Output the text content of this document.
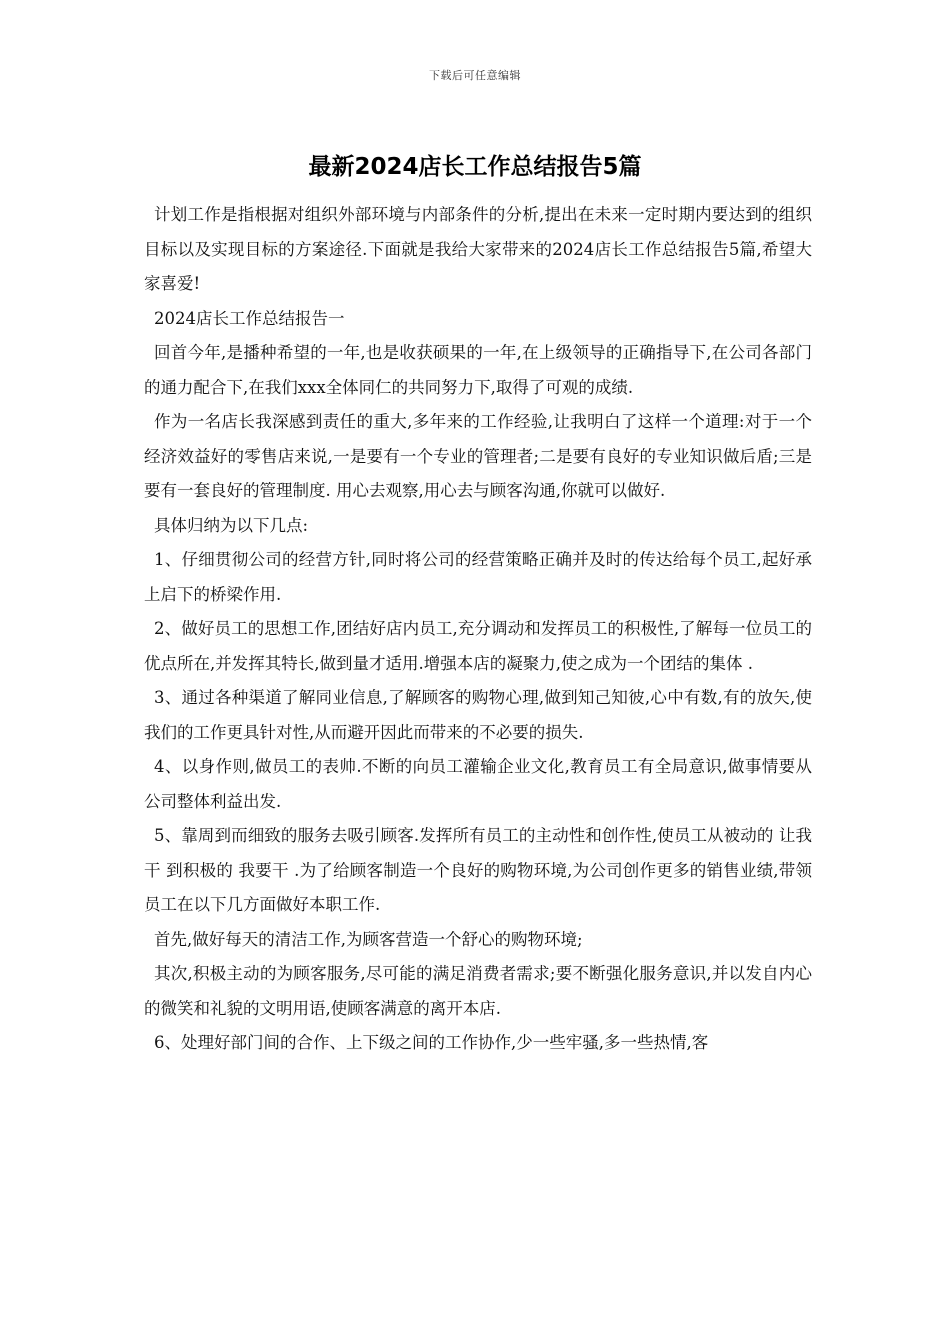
下载后可任意编辑
最新2024店长工作总结报告5篇

计划工作是指根据对组织外部环境与内部条件的分析,提出在未来一定时期内要达到的组织目标以及实现目标的方案途径.下面就是我给大家带来的2024店长工作总结报告5篇,希望大家喜爱!

2024店长工作总结报告一

回首今年,是播种希望的一年,也是收获硕果的一年,在上级领导的正确指导下,在公司各部门的通力配合下,在我们xxx全体同仁的共同努力下,取得了可观的成绩.

作为一名店长我深感到责任的重大,多年来的工作经验,让我明白了这样一个道理:对于一个经济效益好的零售店来说,一是要有一个专业的管理者;二是要有良好的专业知识做后盾;三是要有一套良好的管理制度. 用心去观察,用心去与顾客沟通,你就可以做好.

具体归纳为以下几点:

1、仔细贯彻公司的经营方针,同时将公司的经营策略正确并及时的传达给每个员工,起好承上启下的桥梁作用.

2、做好员工的思想工作,团结好店内员工,充分调动和发挥员工的积极性,了解每一位员工的优点所在,并发挥其特长,做到量才适用.增强本店的凝聚力,使之成为一个团结的集体 .

3、通过各种渠道了解同业信息,了解顾客的购物心理,做到知己知彼,心中有数,有的放矢,使我们的工作更具针对性,从而避开因此而带来的不必要的损失.

4、以身作则,做员工的表帅.不断的向员工灌输企业文化,教育员工有全局意识,做事情要从公司整体利益出发.

5、靠周到而细致的服务去吸引顾客.发挥所有员工的主动性和创作性,使员工从被动的 让我干 到积极的 我要干 .为了给顾客制造一个良好的购物环境,为公司创作更多的销售业绩,带领员工在以下几方面做好本职工作.

首先,做好每天的清洁工作,为顾客营造一个舒心的购物环境;

其次,积极主动的为顾客服务,尽可能的满足消费者需求;要不断强化服务意识,并以发自内心的微笑和礼貌的文明用语,使顾客满意的离开本店.

6、处理好部门间的合作、上下级之间的工作协作,少一些牢骚,多一些热情,客
